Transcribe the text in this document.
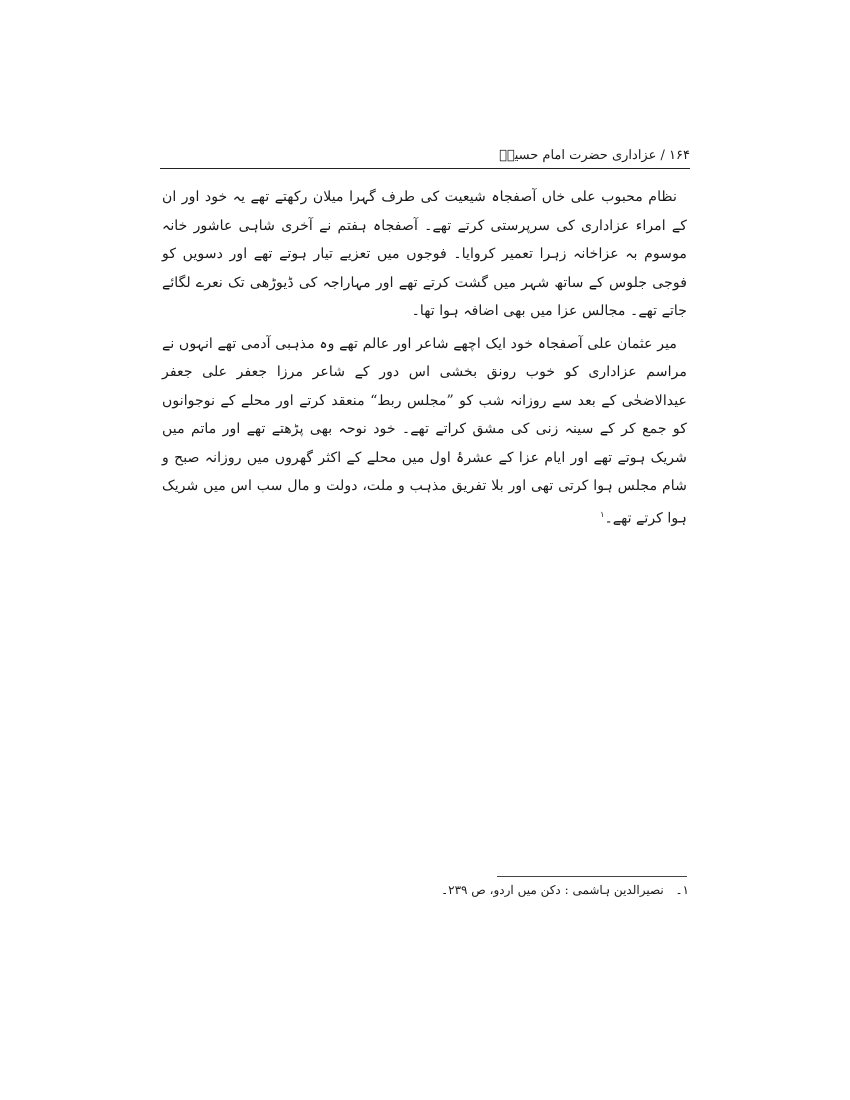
۱۶۴ / عزاداری حضرت امام حسینؑ

نظام محبوب علی خاں آصفجاہ شیعیت کی طرف گہرا میلان رکھتے تھے یہ خود اور ان کے امراء عزاداری کی سرپرستی کرتے تھے۔ آصفجاہ ہفتم نے آخری شاہی عاشور خانہ موسوم بہ عزاخانہ زہرا تعمیر کروایا۔ فوجوں میں تعزیے تیار ہوتے تھے اور دسویں کو فوجی جلوس کے ساتھ شہر میں گشت کرتے تھے اور مہاراجہ کی ڈیوڑھی تک نعرے لگائے جاتے تھے۔ مجالس عزا میں بھی اضافہ ہوا تھا۔

میر عثمان علی آصفجاہ خود ایک اچھے شاعر اور عالم تھے وہ مذہبی آدمی تھے انہوں نے مراسم عزاداری کو خوب رونق بخشی اس دور کے شاعر مرزا جعفر علی جعفر عیدالاضحٰی کے بعد سے روزانہ شب کو ”مجلس ربط“ منعقد کرتے اور محلے کے نوجوانوں کو جمع کر کے سینہ زنی کی مشق کراتے تھے۔ خود نوحہ بھی پڑھتے تھے اور ماتم میں شریک ہوتے تھے اور ایام عزا کے عشرۂ اول میں محلے کے اکثر گھروں میں روزانہ صبح و شام مجلس ہوا کرتی تھی اور بلا تفریق مذہب و ملت، دولت و مال سب اس میں شریک ہوا کرتے تھے۔$^۱$

۱۔ نصیرالدین ہاشمی : دکن میں اردو، ص ۲۳۹۔
